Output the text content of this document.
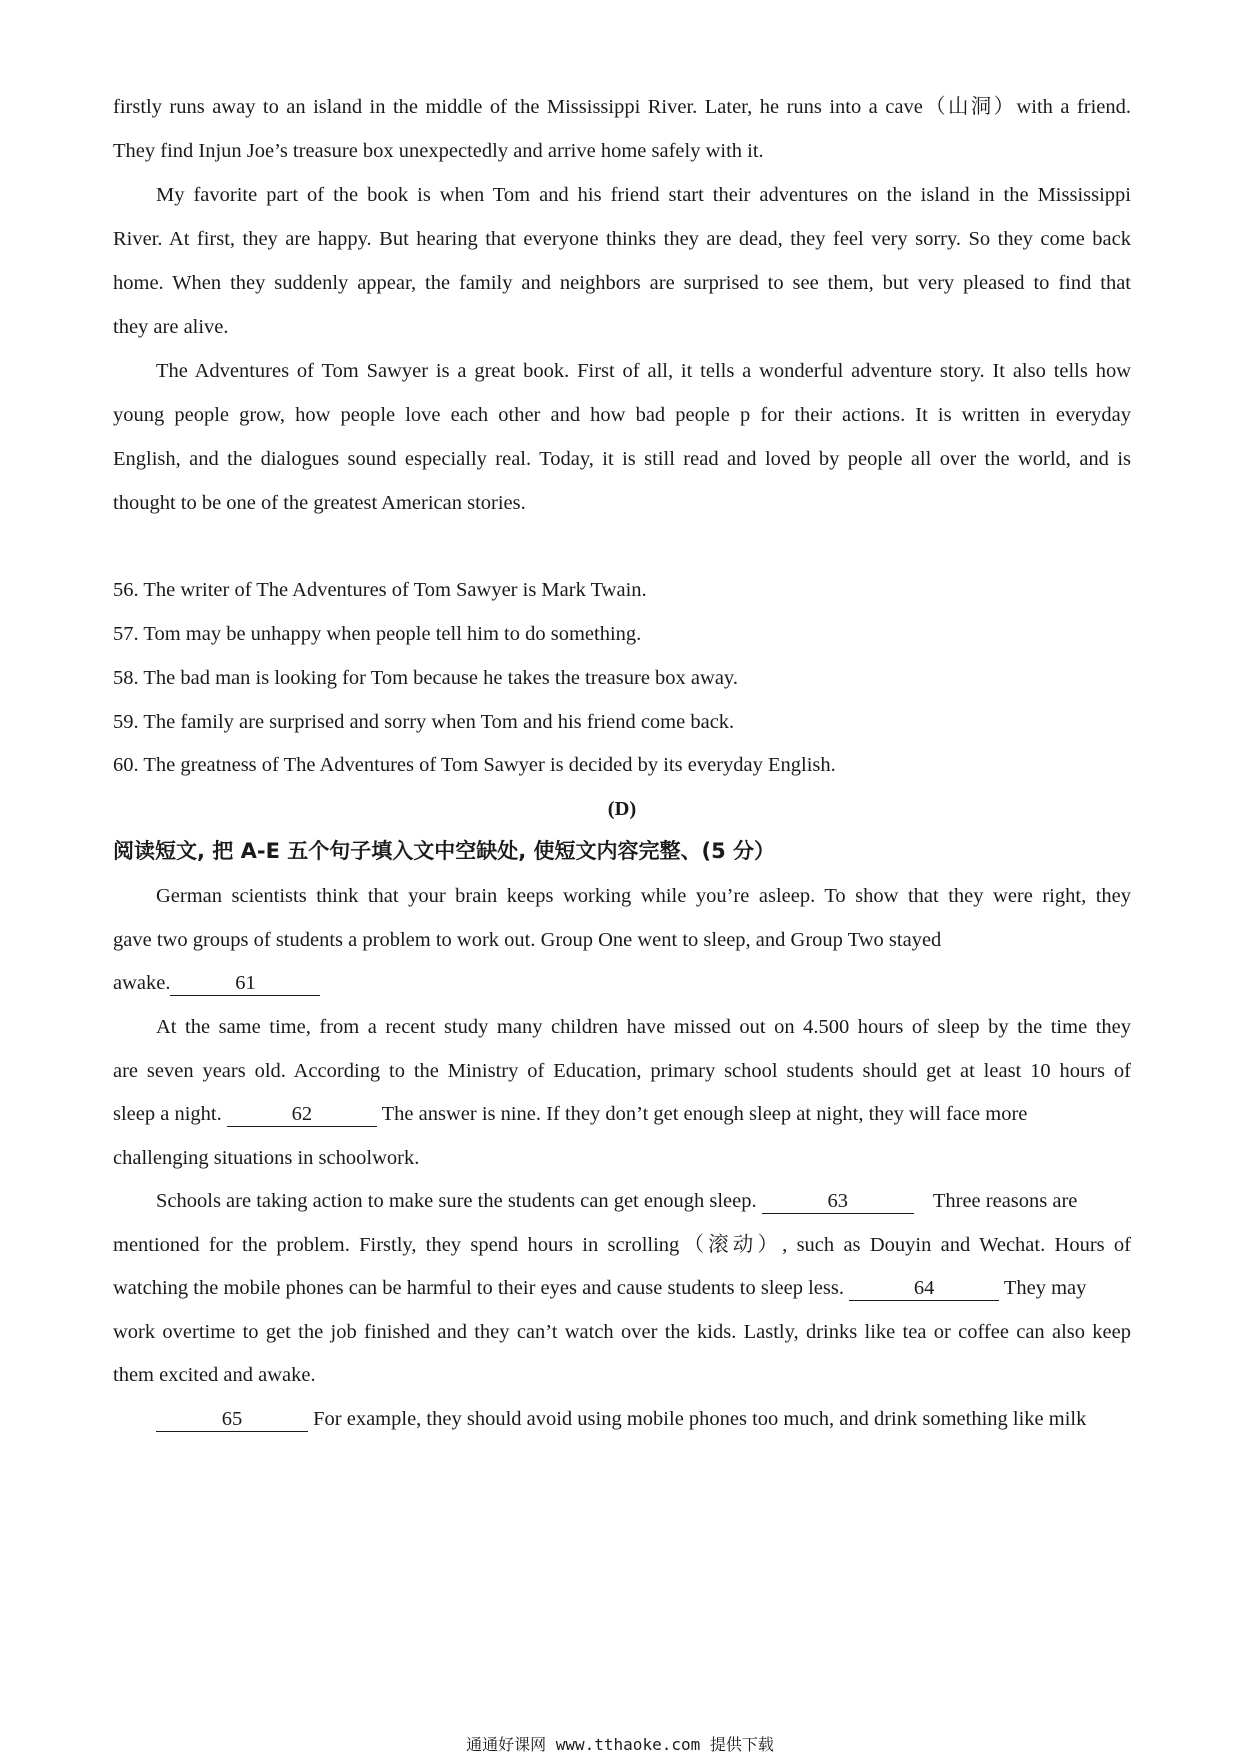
firstly runs away to an island in the middle of the Mississippi River. Later, he runs into a cave（山洞）with a friend.
They find Injun Joe’s treasure box unexpectedly and arrive home safely with it.
My favorite part of the book is when Tom and his friend start their adventures on the island in the Mississippi
River. At first, they are happy. But hearing that everyone thinks they are dead, they feel very sorry. So they come back
home. When they suddenly appear, the family and neighbors are surprised to see them, but very pleased to find that
they are alive.
The Adventures of Tom Sawyer is a great book. First of all, it tells a wonderful adventure story. It also tells how
young people grow, how people love each other and how bad people p for their actions. It is written in everyday
English, and the dialogues sound especially real. Today, it is still read and loved by people all over the world, and is
thought to be one of the greatest American stories.
56. The writer of The Adventures of Tom Sawyer is Mark Twain.
57. Tom may be unhappy when people tell him to do something.
58. The bad man is looking for Tom because he takes the treasure box away.
59. The family are surprised and sorry when Tom and his friend come back.
60. The greatness of The Adventures of Tom Sawyer is decided by its everyday English.
(D)
阅读短文, 把 A-E 五个句子填入文中空缺处, 使短文内容完整、(5 分）
German scientists think that your brain keeps working while you’re asleep. To show that they were right, they
gave two groups of students a problem to work out. Group One went to sleep, and Group Two stayed
awake.	61
At the same time, from a recent study many children have missed out on 4.500 hours of sleep by the time they
are seven years old. According to the Ministry of Education, primary school students should get at least 10 hours of
sleep a night.	62	The answer is nine. If they don’t get enough sleep at night, they will face more
challenging situations in schoolwork.
Schools are taking action to make sure the students can get enough sleep.	63	Three reasons are
mentioned for the problem. Firstly, they spend hours in scrolling（滚动）, such as Douyin and Wechat. Hours of
watching the mobile phones can be harmful to their eyes and cause students to sleep less.	64	They may
work overtime to get the job finished and they can’t watch over the kids. Lastly, drinks like tea or coffee can also keep
them excited and awake.
65	For example, they should avoid using mobile phones too much, and drink something like milk
通通好课网 www.tthaoke.com 提供下载
